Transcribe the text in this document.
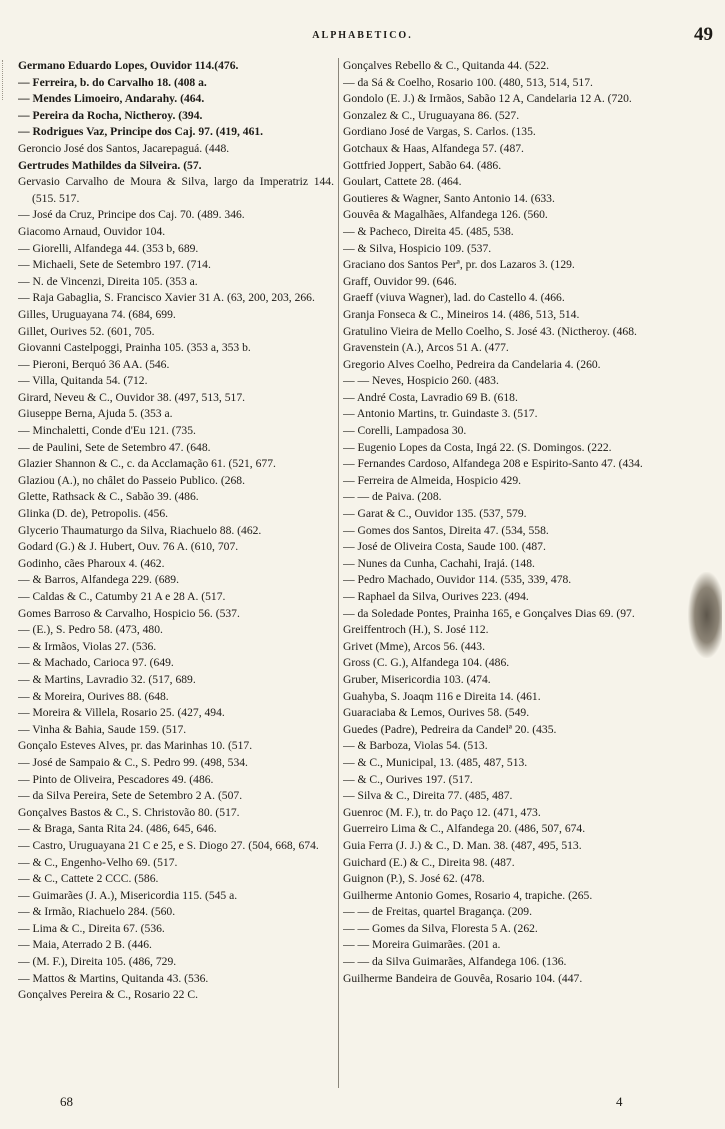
ALPHABETICO.	49
Germano Eduardo Lopes, Ouvidor 114.(476.
— Ferreira, b. do Carvalho 18. (408 a.
— Mendes Limoeiro, Andarahy. (464.
— Pereira da Rocha, Nictheroy. (394.
— Rodrigues Vaz, Principe dos Caj. 97. (419, 461.
Geroncio José dos Santos, Jacarepaguá. (448.
Gertrudes Mathildes da Silveira. (57.
Gervasio Carvalho de Moura & Silva, largo da Imperatriz 144. (515. 517.
— José da Cruz, Principe dos Caj. 70. (489. 346.
Giacomo Arnaud, Ouvidor 104.
— Giorelli, Alfandega 44. (353 b, 689.
— Michaeli, Sete de Setembro 197. (714.
— N. de Vincenzi, Direita 105. (353 a.
— Raja Gabaglia, S. Francisco Xavier 31 A. (63, 200, 203, 266.
Gilles, Uruguayana 74. (684, 699.
Gillet, Ourives 52. (601, 705.
Giovanni Castelpoggi, Prainha 105. (353 a, 353 b.
— Pieroni, Berquó 36 AA. (546.
— Villa, Quitanda 54. (712.
Girard, Neveu & C., Ouvidor 38. (497, 513, 517.
Giuseppe Berna, Ajuda 5. (353 a.
— Minchaletti, Conde d'Eu 121. (735.
— de Paulini, Sete de Setembro 47. (648.
Glazier Shannon & C., c. da Acclamação 61. (521, 677.
Glaziou (A.), no châlet do Passeio Publico. (268.
Glette, Rathsack & C., Sabão 39. (486.
Glinka (D. de), Petropolis. (456.
Glycerio Thaumaturgo da Silva, Riachuelo 88. (462.
Godard (G.) & J. Hubert, Ouv. 76 A. (610, 707.
Godinho, cães Pharoux 4. (462.
— & Barros, Alfandega 229. (689.
— Caldas & C., Catumby 21 A e 28 A. (517.
Gomes Barroso & Carvalho, Hospicio 56. (537.
— (E.), S. Pedro 58. (473, 480.
— & Irmãos, Violas 27. (536.
— & Machado, Carioca 97. (649.
— & Martins, Lavradio 32. (517, 689.
— & Moreira, Ourives 88. (648.
— Moreira & Villela, Rosario 25. (427, 494.
— Vinha & Bahia, Saude 159. (517.
Gonçalo Esteves Alves, pr. das Marinhas 10. (517.
— José de Sampaio & C., S. Pedro 99. (498, 534.
— Pinto de Oliveira, Pescadores 49. (486.
— da Silva Pereira, Sete de Setembro 2 A. (507.
Gonçalves Bastos & C., S. Christovão 80. (517.
— & Braga, Santa Rita 24. (486, 645, 646.
— Castro, Uruguayana 21 C e 25, e S. Diogo 27. (504, 668, 674.
— & C., Engenho-Velho 69. (517.
— & C., Cattete 2 CCC. (586.
— Guimarães (J. A.), Misericordia 115. (545 a.
— & Irmão, Riachuelo 284. (560.
— Lima & C., Direita 67. (536.
— Maia, Aterrado 2 B. (446.
— (M. F.), Direita 105. (486, 729.
— Mattos & Martins, Quitanda 43. (536.
Gonçalves Pereira & C., Rosario 22 C.
Gonçalves Rebello & C., Quitanda 44. (522.
— da Sá & Coelho, Rosario 100. (480, 513, 514, 517.
Gondolo (E. J.) & Irmãos, Sabão 12 A, Candelaria 12 A. (720.
Gonzalez & C., Uruguayana 86. (527.
Gordiano José de Vargas, S. Carlos. (135.
Gotchaux & Haas, Alfandega 57. (487.
Gottfried Joppert, Sabão 64. (486.
Goulart, Cattete 28. (464.
Goutieres & Wagner, Santo Antonio 14. (633.
Gouvêa & Magalhães, Alfandega 126. (560.
— & Pacheco, Direita 45. (485, 538.
— & Silva, Hospicio 109. (537.
Graciano dos Santos Perª, pr. dos Lazaros 3. (129.
Graff, Ouvidor 99. (646.
Graeff (viuva Wagner), lad. do Castello 4. (466.
Granja Fonseca & C., Mineiros 14. (486, 513, 514.
Gratulino Vieira de Mello Coelho, S. José 43. (Nictheroy. (468.
Gravenstein (A.), Arcos 51 A. (477.
Gregorio Alves Coelho, Pedreira da Candelaria 4. (260.
— — Neves, Hospicio 260. (483.
— André Costa, Lavradio 69 B. (618.
— Antonio Martins, tr. Guindaste 3. (517.
— Corelli, Lampadosa 30.
— Eugenio Lopes da Costa, Ingá 22. (S. Domingos. (222.
— Fernandes Cardoso, Alfandega 208 e Espirito-Santo 47. (434.
— Ferreira de Almeida, Hospicio 429.
— — de Paiva. (208.
— Garat & C., Ouvidor 135. (537, 579.
— Gomes dos Santos, Direita 47. (534, 558.
— José de Oliveira Costa, Saude 100. (487.
— Nunes da Cunha, Cachahi, Irajá. (148.
— Pedro Machado, Ouvidor 114. (535, 339, 478.
— Raphael da Silva, Ourives 223. (494.
— da Soledade Pontes, Prainha 165, e Gonçalves Dias 69. (97.
Greiffentroch (H.), S. José 112.
Grivet (Mme), Arcos 56. (443.
Gross (C. G.), Alfandega 104. (486.
Gruber, Misericordia 103. (474.
Guahyba, S. Joaqm 116 e Direita 14. (461.
Guaraciaba & Lemos, Ourives 58. (549.
Guedes (Padre), Pedreira da Candelª 20. (435.
— & Barboza, Violas 54. (513.
— & C., Municipal, 13. (485, 487, 513.
— & C., Ourives 197. (517.
— Silva & C., Direita 77. (485, 487.
Guenroc (M. F.), tr. do Paço 12. (471, 473.
Guerreiro Lima & C., Alfandega 20. (486, 507, 674.
Guia Ferra (J. J.) & C., D. Man. 38. (487, 495, 513.
Guichard (E.) & C., Direita 98. (487.
Guignon (P.), S. José 62. (478.
Guilherme Antonio Gomes, Rosario 4, trapiche. (265.
— — de Freitas, quartel Bragança. (209.
— — Gomes da Silva, Floresta 5 A. (262.
— — Moreira Guimarães. (201 a.
— — da Silva Guimarães, Alfandega 106. (136.
Guilherme Bandeira de Gouvêa, Rosario 104. (447.
68	4
